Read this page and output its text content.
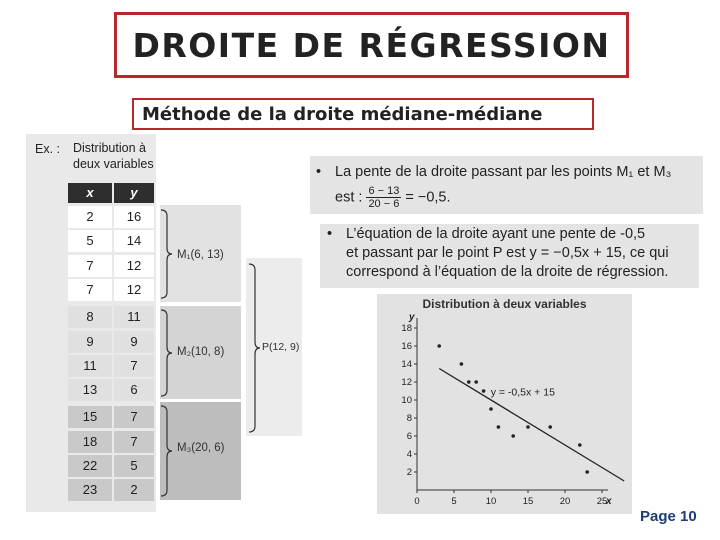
DROITE DE RÉGRESSION
Méthode de la droite médiane-médiane
Ex. : Distribution à
deux variables
x	y
2	16
5	14
7	12
7	12
8	11
9	9
11	7
13	6
15	7
18	7
22	5
23	2
M₁(6, 13)
M₂(10, 8)
M₃(20, 6)
P(12, 9)
• La pente de la droite passant par les points M₁ et M₃
est : $\frac{6 - 13}{20 - 6} = -0,5$.
• L’équation de la droite ayant une pente de -0,5
et passant par le point P est y = −0,5x + 15, ce qui
correspond à l’équation de la droite de régression.
Distribution à deux variables
y
x
0	5	10	15	20	25
2
4
6
8
10
12
14
16
18
y = -0,5x + 15
Page 10
